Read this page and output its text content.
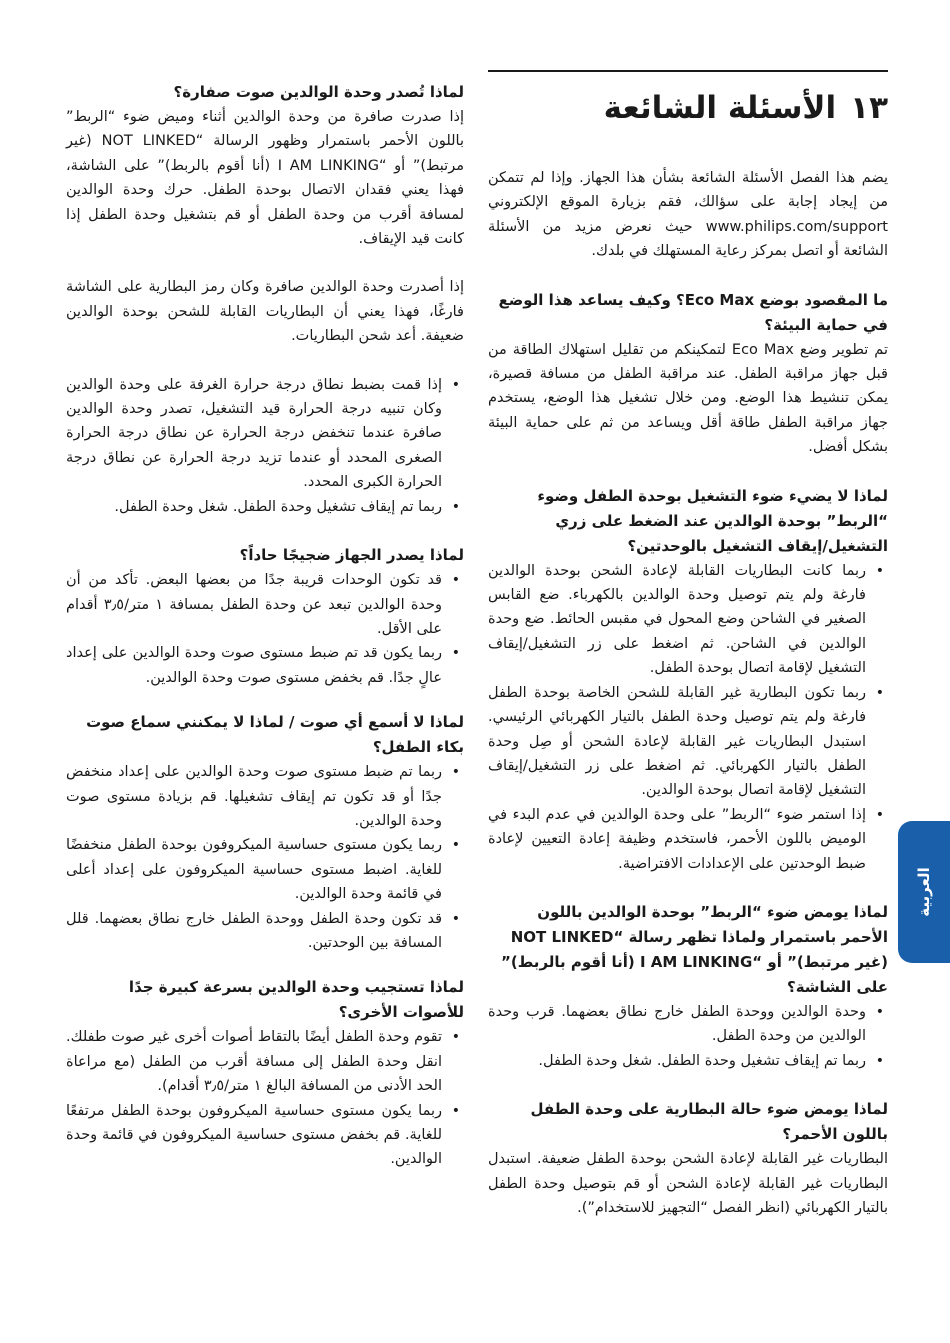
١٣الأسئلة الشائعة

يضم هذا الفصل الأسئلة الشائعة بشأن هذا الجهاز. وإذا لم تتمكن من إيجاد إجابة على سؤالك، فقم بزيارة الموقع الإلكتروني www.philips.com/support حيث نعرض مزيد من الأسئلة الشائعة أو اتصل بمركز رعاية المستهلك في بلدك.

ما المقصود بوضع Eco Max؟ وكيف يساعد هذا الوضع في حماية البيئة؟

تم تطوير وضع Eco Max لتمكينكم من تقليل استهلاك الطاقة من قبل جهاز مراقبة الطفل. عند مراقبة الطفل من مسافة قصيرة، يمكن تنشيط هذا الوضع. ومن خلال تشغيل هذا الوضع، يستخدم جهاز مراقبة الطفل طاقة أقل ويساعد من ثم على حماية البيئة بشكل أفضل.

لماذا لا يضيء ضوء التشغيل بوحدة الطفل وضوء “الربط” بوحدة الوالدين عند الضغط على زري التشغيل/إيقاف التشغيل بالوحدتين؟
• ربما كانت البطاريات القابلة لإعادة الشحن بوحدة الوالدين فارغة ولم يتم توصيل وحدة الوالدين بالكهرباء. ضع القابس الصغير في الشاحن وضع المحول في مقبس الحائط. ضع وحدة الوالدين في الشاحن. ثم اضغط على زر التشغيل/إيقاف التشغيل لإقامة اتصال بوحدة الطفل.
• ربما تكون البطارية غير القابلة للشحن الخاصة بوحدة الطفل فارغة ولم يتم توصيل وحدة الطفل بالتيار الكهربائي الرئيسي. استبدل البطاريات غير القابلة لإعادة الشحن أو صِل وحدة الطفل بالتيار الكهربائي. ثم اضغط على زر التشغيل/إيقاف التشغيل لإقامة اتصال بوحدة الوالدين.
• إذا استمر ضوء “الربط” على وحدة الوالدين في عدم البدء في الوميض باللون الأحمر، فاستخدم وظيفة إعادة التعيين لإعادة ضبط الوحدتين على الإعدادات الافتراضية.
لماذا يومض ضوء “الربط” بوحدة الوالدين باللون الأحمر باستمرار ولماذا تظهر رسالة “NOT LINKED (غير مرتبط)” أو “I AM LINKING (أنا أقوم بالربط)” على الشاشة؟
• وحدة الوالدين ووحدة الطفل خارج نطاق بعضهما. قرب وحدة الوالدين من وحدة الطفل.
• ربما تم إيقاف تشغيل وحدة الطفل. شغل وحدة الطفل.
لماذا يومض ضوء حالة البطارية على وحدة الطفل باللون الأحمر؟

البطاريات غير القابلة لإعادة الشحن بوحدة الطفل ضعيفة. استبدل البطاريات غير القابلة لإعادة الشحن أو قم بتوصيل وحدة الطفل بالتيار الكهربائي (انظر الفصل “التجهيز للاستخدام”).

لماذا تُصدر وحدة الوالدين صوت صفارة؟

إذا صدرت صافرة من وحدة الوالدين أثناء وميض ضوء “الربط” باللون الأحمر باستمرار وظهور الرسالة “NOT LINKED (غير مرتبط)” أو “I AM LINKING (أنا أقوم بالربط)” على الشاشة، فهذا يعني فقدان الاتصال بوحدة الطفل. حرك وحدة الوالدين لمسافة أقرب من وحدة الطفل أو قم بتشغيل وحدة الطفل إذا كانت قيد الإيقاف.

إذا أصدرت وحدة الوالدين صافرة وكان رمز البطارية على الشاشة فارغًا، فهذا يعني أن البطاريات القابلة للشحن بوحدة الوالدين ضعيفة. أعد شحن البطاريات.

• إذا قمت بضبط نطاق درجة حرارة الغرفة على وحدة الوالدين وكان تنبيه درجة الحرارة قيد التشغيل، تصدر وحدة الوالدين صافرة عندما تنخفض درجة الحرارة عن نطاق درجة الحرارة الصغرى المحدد أو عندما تزيد درجة الحرارة عن نطاق درجة الحرارة الكبرى المحدد.
• ربما تم إيقاف تشغيل وحدة الطفل. شغل وحدة الطفل.
لماذا يصدر الجهاز ضجيجًا حاداً؟
• قد تكون الوحدات قريبة جدًا من بعضها البعض. تأكد من أن وحدة الوالدين تبعد عن وحدة الطفل بمسافة ١ متر/٣٫٥ أقدام على الأقل.
• ربما يكون قد تم ضبط مستوى صوت وحدة الوالدين على إعداد عالٍ جدًا. قم بخفض مستوى صوت وحدة الوالدين.
لماذا لا أسمع أي صوت / لماذا لا يمكنني سماع صوت بكاء الطفل؟
• ربما تم ضبط مستوى صوت وحدة الوالدين على إعداد منخفض جدًا أو قد تكون تم إيقاف تشغيلها. قم بزيادة مستوى صوت وحدة الوالدين.
• ربما يكون مستوى حساسية الميكروفون بوحدة الطفل منخفضًا للغاية. اضبط مستوى حساسية الميكروفون على إعداد أعلى في قائمة وحدة الوالدين.
• قد تكون وحدة الطفل ووحدة الطفل خارج نطاق بعضهما. قلل المسافة بين الوحدتين.
لماذا تستجيب وحدة الوالدين بسرعة كبيرة جدًا للأصوات الأخرى؟
• تقوم وحدة الطفل أيضًا بالتقاط أصوات أخرى غير صوت طفلك. انقل وحدة الطفل إلى مسافة أقرب من الطفل (مع مراعاة الحد الأدنى من المسافة البالغ ١ متر/٣٫٥ أقدام).
• ربما يكون مستوى حساسية الميكروفون بوحدة الطفل مرتفعًا للغاية. قم بخفض مستوى حساسية الميكروفون في قائمة وحدة الوالدين.
العربية
